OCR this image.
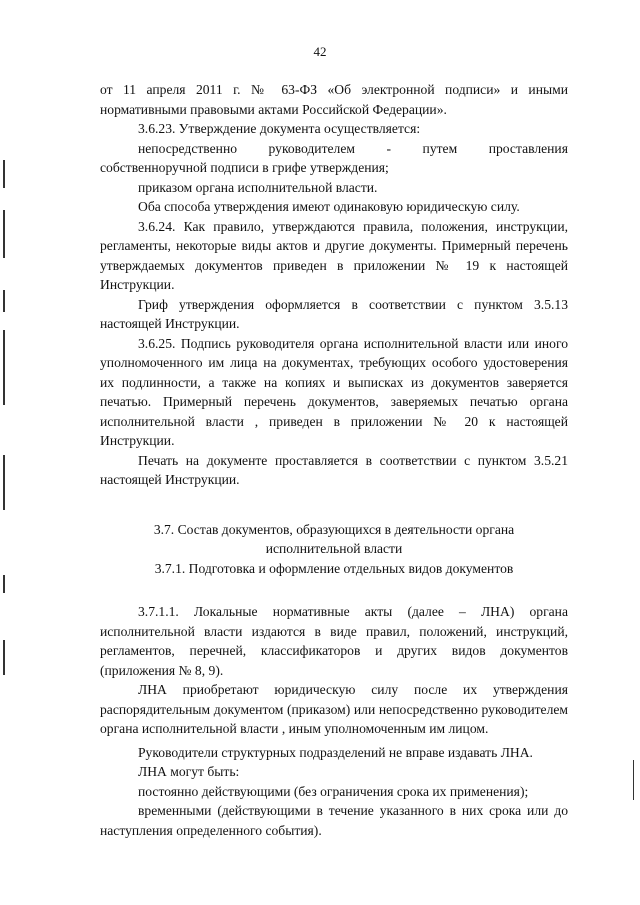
42

от 11 апреля 2011 г. № 63-ФЗ «Об электронной подписи» и иными

нормативными правовыми актами Российской Федерации».

3.6.23. Утверждение документа осуществляется:

непосредственно руководителем - путем проставления

собственноручной подписи в грифе утверждения;

приказом органа исполнительной власти.

Оба способа утверждения имеют одинаковую юридическую силу.

3.6.24. Как правило, утверждаются правила, положения, инструкции, регламенты, некоторые виды актов и другие документы. Примерный перечень утверждаемых документов приведен в приложении № 19 к настоящей Инструкции.

Гриф утверждения оформляется в соответствии с пунктом 3.5.13 настоящей Инструкции.

3.6.25. Подпись руководителя органа исполнительной власти или иного уполномоченного им лица на документах, требующих особого удостоверения их подлинности, а также на копиях и выписках из документов заверяется печатью. Примерный перечень документов, заверяемых печатью органа исполнительной власти , приведен в приложении № 20 к настоящей Инструкции.

Печать на документе проставляется в соответствии с пунктом 3.5.21 настоящей Инструкции.

3.7. Состав документов, образующихся в деятельности органа

исполнительной власти

3.7.1. Подготовка и оформление отдельных видов документов

3.7.1.1. Локальные нормативные акты (далее – ЛНА) органа исполнительной власти издаются в виде правил, положений, инструкций, регламентов, перечней, классификаторов и других видов документов (приложения № 8, 9).

ЛНА приобретают юридическую силу после их утверждения распорядительным документом (приказом) или непосредственно руководителем органа исполнительной власти , иным уполномоченным им лицом.

Руководители структурных подразделений не вправе издавать ЛНА.

ЛНА могут быть:

постоянно действующими (без ограничения срока их применения);

временными (действующими в течение указанного в них срока или до наступления определенного события).
